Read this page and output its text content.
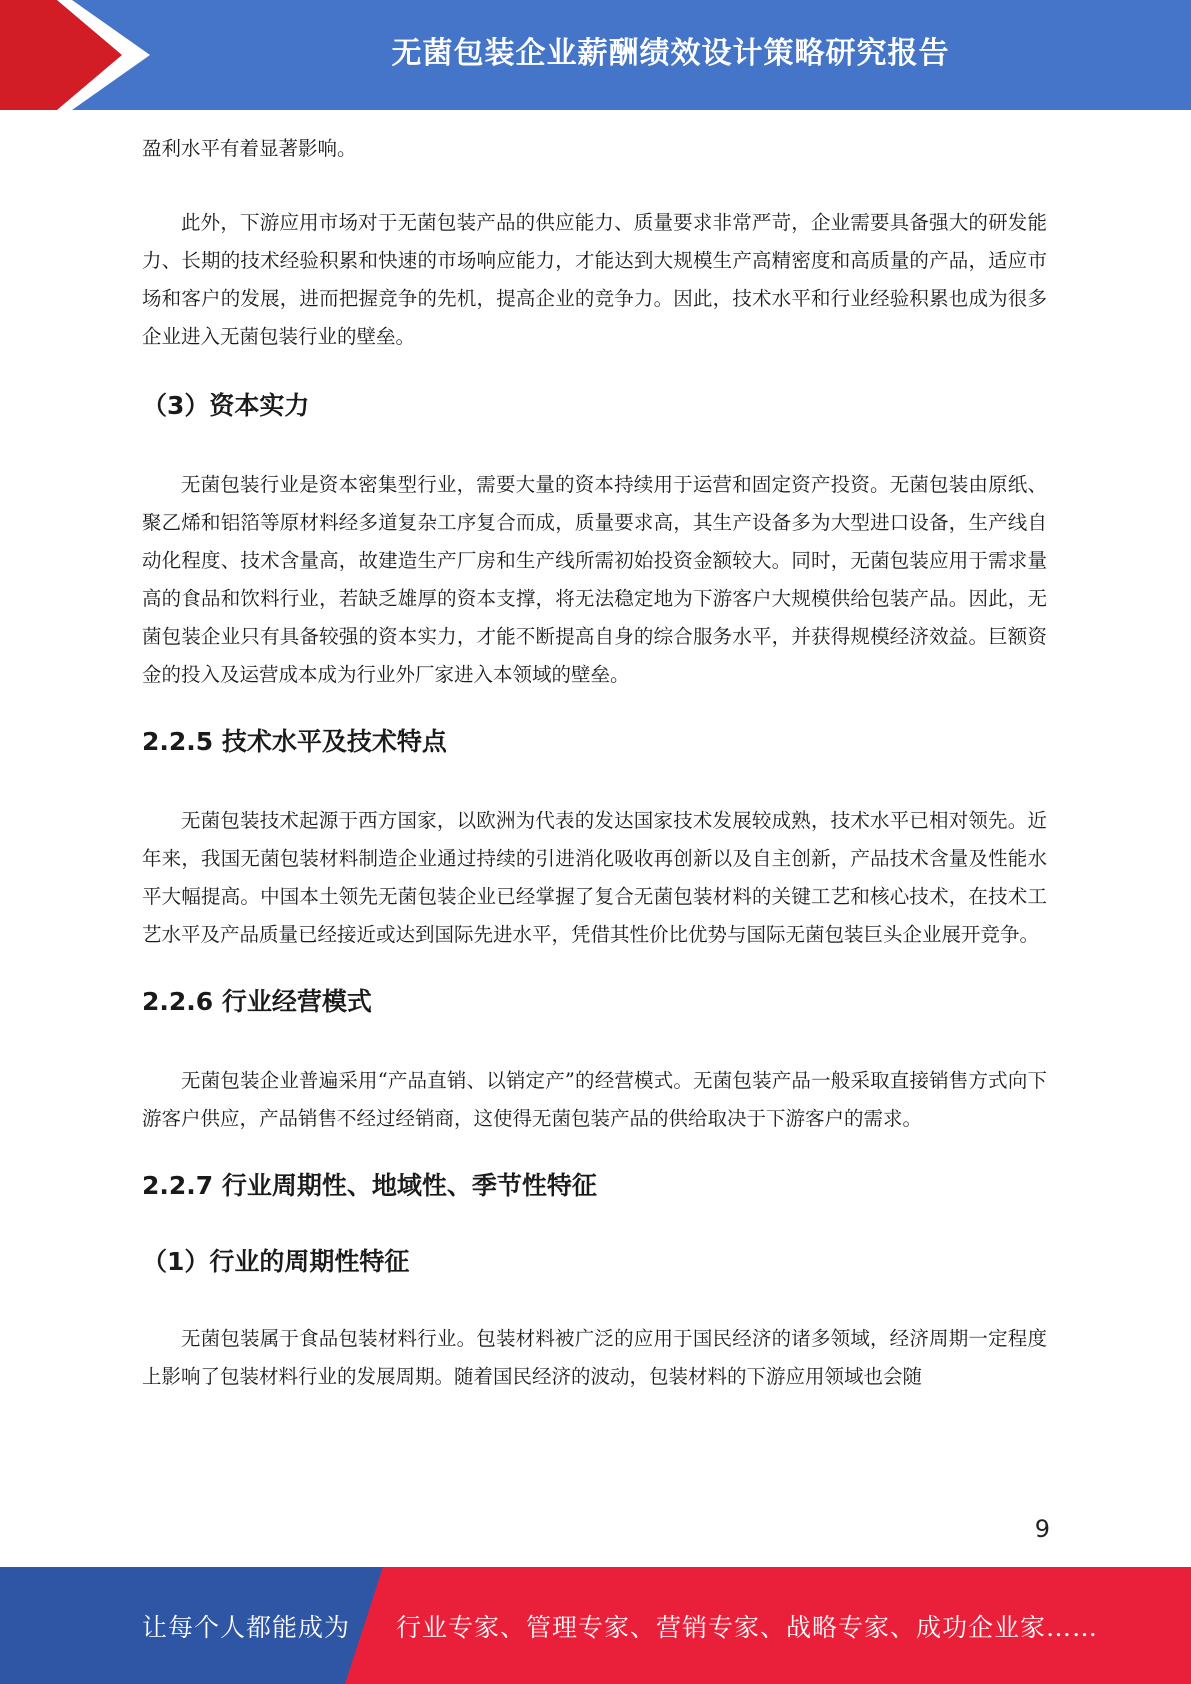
无菌包装企业薪酬绩效设计策略研究报告

盈利水平有着显著影响。

此外，下游应用市场对于无菌包装产品的供应能力、质量要求非常严苛，企业需要具备强大的研发能力、长期的技术经验积累和快速的市场响应能力，才能达到大规模生产高精密度和高质量的产品，适应市场和客户的发展，进而把握竞争的先机，提高企业的竞争力。因此，技术水平和行业经验积累也成为很多企业进入无菌包装行业的壁垒。

（3）资本实力

无菌包装行业是资本密集型行业，需要大量的资本持续用于运营和固定资产投资。无菌包装由原纸、聚乙烯和铝箔等原材料经多道复杂工序复合而成，质量要求高，其生产设备多为大型进口设备，生产线自动化程度、技术含量高，故建造生产厂房和生产线所需初始投资金额较大。同时，无菌包装应用于需求量高的食品和饮料行业，若缺乏雄厚的资本支撑，将无法稳定地为下游客户大规模供给包装产品。因此，无菌包装企业只有具备较强的资本实力，才能不断提高自身的综合服务水平，并获得规模经济效益。巨额资金的投入及运营成本成为行业外厂家进入本领域的壁垒。

2.2.5 技术水平及技术特点

无菌包装技术起源于西方国家，以欧洲为代表的发达国家技术发展较成熟，技术水平已相对领先。近年来，我国无菌包装材料制造企业通过持续的引进消化吸收再创新以及自主创新，产品技术含量及性能水平大幅提高。中国本土领先无菌包装企业已经掌握了复合无菌包装材料的关键工艺和核心技术，在技术工艺水平及产品质量已经接近或达到国际先进水平，凭借其性价比优势与国际无菌包装巨头企业展开竞争。

2.2.6 行业经营模式

无菌包装企业普遍采用“产品直销、以销定产”的经营模式。无菌包装产品一般采取直接销售方式向下游客户供应，产品销售不经过经销商，这使得无菌包装产品的供给取决于下游客户的需求。

2.2.7 行业周期性、地域性、季节性特征
（1）行业的周期性特征

无菌包装属于食品包装材料行业。包装材料被广泛的应用于国民经济的诸多领域，经济周期一定程度上影响了包装材料行业的发展周期。随着国民经济的波动，包装材料的下游应用领域也会随

9
让每个人都能成为 行业专家、管理专家、营销专家、战略专家、成功企业家……
